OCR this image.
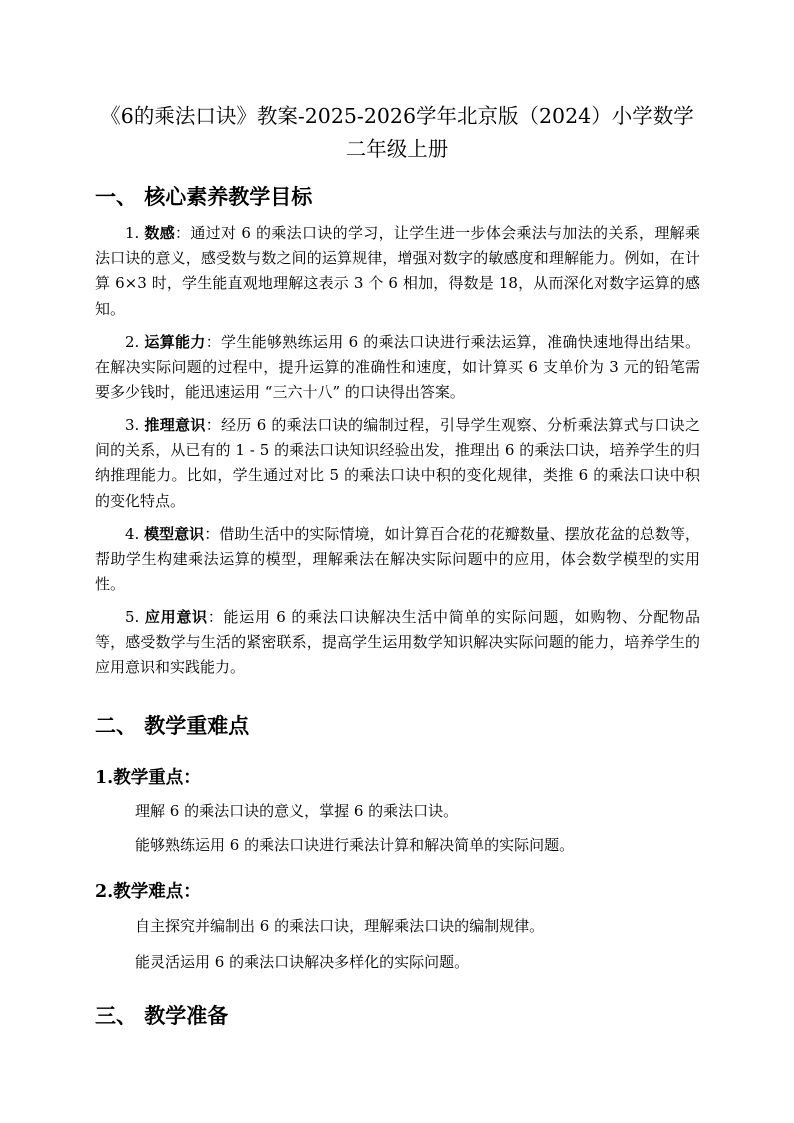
《6的乘法口诀》教案-2025-2026学年北京版（2024）小学数学
二年级上册
一、 核心素养教学目标

1. 数感：通过对 6 的乘法口诀的学习，让学生进一步体会乘法与加法的关系，理解乘法口诀的意义，感受数与数之间的运算规律，增强对数字的敏感度和理解能力。例如，在计算 6×3 时，学生能直观地理解这表示 3 个 6 相加，得数是 18，从而深化对数字运算的感知。

2. 运算能力：学生能够熟练运用 6 的乘法口诀进行乘法运算，准确快速地得出结果。在解决实际问题的过程中，提升运算的准确性和速度，如计算买 6 支单价为 3 元的铅笔需要多少钱时，能迅速运用 “三六十八” 的口诀得出答案。

3. 推理意识：经历 6 的乘法口诀的编制过程，引导学生观察、分析乘法算式与口诀之间的关系，从已有的 1 - 5 的乘法口诀知识经验出发，推理出 6 的乘法口诀，培养学生的归纳推理能力。比如，学生通过对比 5 的乘法口诀中积的变化规律，类推 6 的乘法口诀中积的变化特点。

4. 模型意识：借助生活中的实际情境，如计算百合花的花瓣数量、摆放花盆的总数等，帮助学生构建乘法运算的模型，理解乘法在解决实际问题中的应用，体会数学模型的实用性。

5. 应用意识：能运用 6 的乘法口诀解决生活中简单的实际问题，如购物、分配物品等，感受数学与生活的紧密联系，提高学生运用数学知识解决实际问题的能力，培养学生的应用意识和实践能力。

二、 教学重难点
1.教学重点：
理解 6 的乘法口诀的意义，掌握 6 的乘法口诀。
能够熟练运用 6 的乘法口诀进行乘法计算和解决简单的实际问题。
2.教学难点：
自主探究并编制出 6 的乘法口诀，理解乘法口诀的编制规律。
能灵活运用 6 的乘法口诀解决多样化的实际问题。
三、 教学准备
